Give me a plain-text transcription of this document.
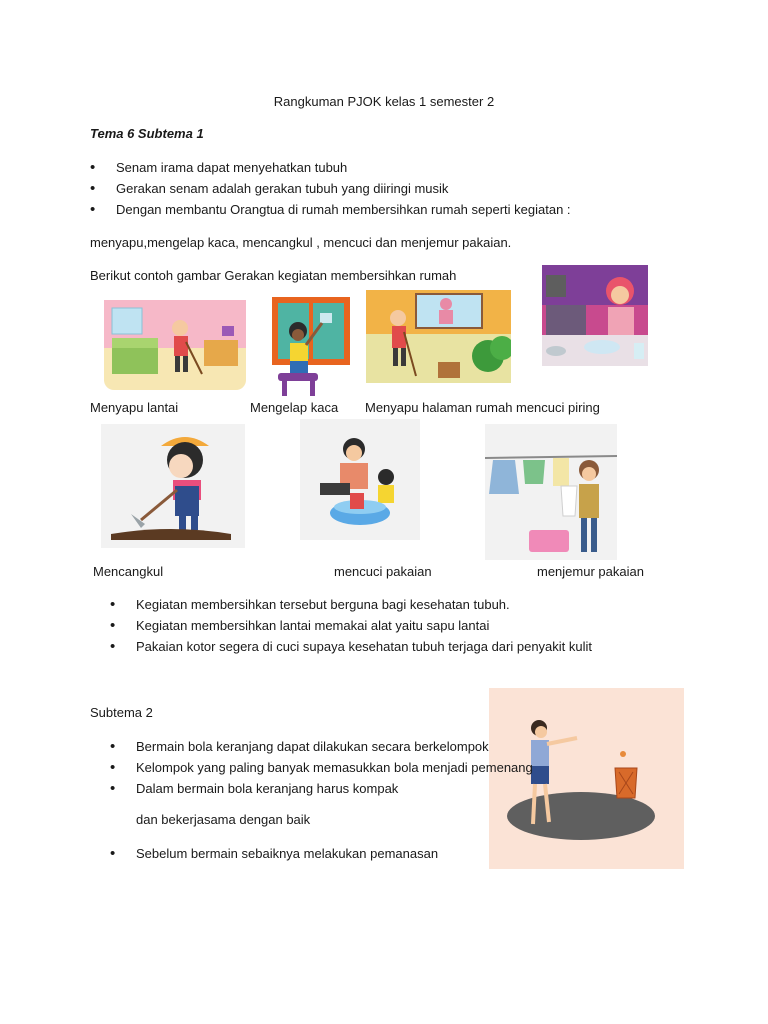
Rangkuman PJOK kelas 1 semester 2
Tema 6 Subtema 1
• Senam irama dapat menyehatkan tubuh
• Gerakan senam adalah gerakan tubuh yang diiringi musik
• Dengan membantu Orangtua di rumah membersihkan rumah seperti kegiatan :
menyapu,mengelap kaca, mencangkul , mencuci dan menjemur pakaian.
Berikut contoh gambar Gerakan kegiatan membersihkan rumah
Menyapu lantai	Mengelap kaca Menyapu halaman rumah mencuci piring
Mencangkul	mencuci pakaian	menjemur pakaian
• Kegiatan membersihkan tersebut berguna bagi kesehatan tubuh.
• Kegiatan membersihkan lantai memakai alat yaitu sapu lantai
• Pakaian kotor segera di cuci supaya kesehatan tubuh terjaga dari penyakit kulit
Subtema 2
• Bermain bola keranjang dapat dilakukan secara berkelompok
• Kelompok yang paling banyak memasukkan bola menjadi pemenang
• Dalam bermain bola keranjang harus kompak
dan bekerjasama dengan baik
• Sebelum bermain sebaiknya melakukan pemanasan
